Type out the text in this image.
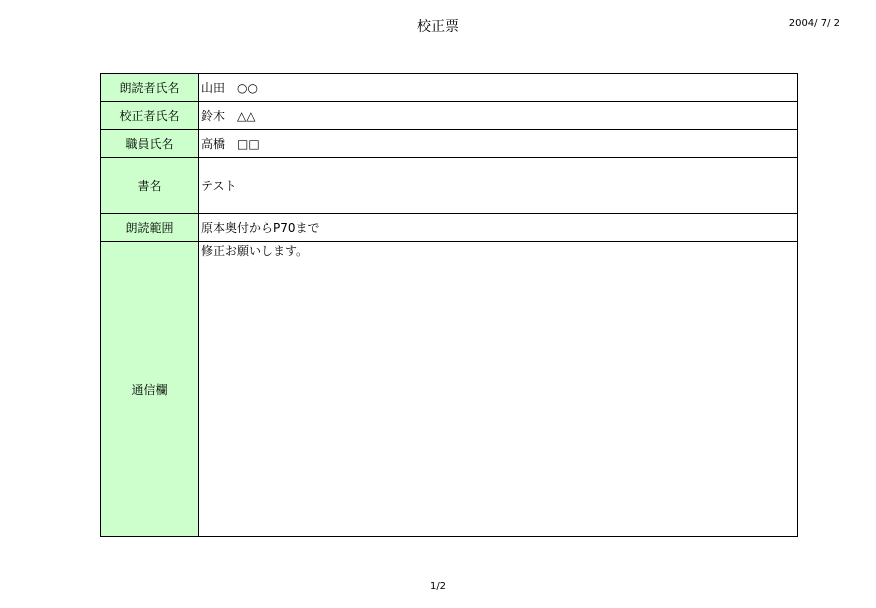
校正票	2004/ 7/ 2
朗読者氏名	山田　○○
校正者氏名	鈴木　△△
職員氏名	高橋　□□
書名	テスト
朗読範囲	原本奥付からP70まで
通信欄	修正お願いします。
1/2
